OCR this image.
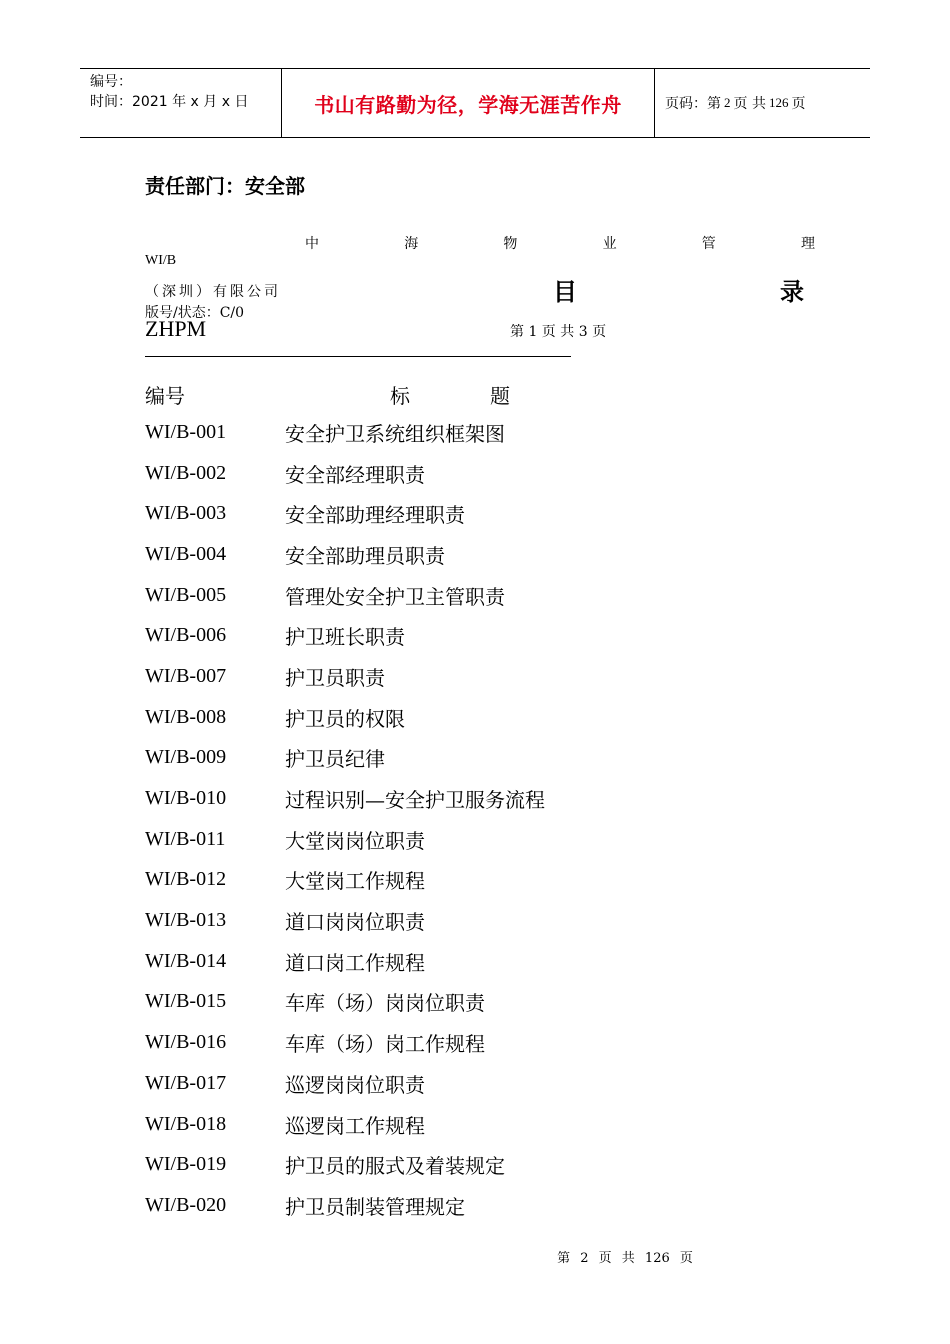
编号：
时间：2021 年 x 月 x 日	书山有路勤为径，学海无涯苦作舟	页码：第 2 页 共 126 页
责任部门：安全部
中	海	物	业	管	理
WI/B
（深圳）有限公司
版号/状态：C/0
目	录
ZHPM	第 1 页 共 3 页
编号	标	题
WI/B-001	安全护卫系统组织框架图
WI/B-002	安全部经理职责
WI/B-003	安全部助理经理职责
WI/B-004	安全部助理员职责
WI/B-005	管理处安全护卫主管职责
WI/B-006	护卫班长职责
WI/B-007	护卫员职责
WI/B-008	护卫员的权限
WI/B-009	护卫员纪律
WI/B-010	过程识别—安全护卫服务流程
WI/B-011	大堂岗岗位职责
WI/B-012	大堂岗工作规程
WI/B-013	道口岗岗位职责
WI/B-014	道口岗工作规程
WI/B-015	车库（场）岗岗位职责
WI/B-016	车库（场）岗工作规程
WI/B-017	巡逻岗岗位职责
WI/B-018	巡逻岗工作规程
WI/B-019	护卫员的服式及着装规定
WI/B-020	护卫员制装管理规定
第 2 页 共 126 页
